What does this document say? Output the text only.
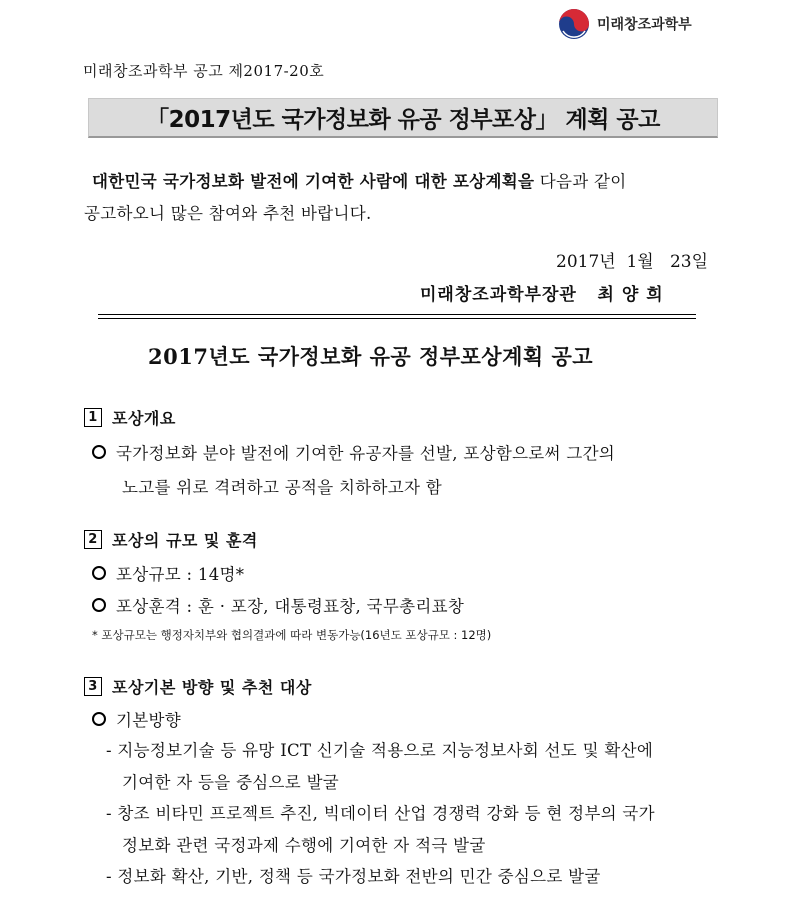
미래창조과학부
미래창조과학부 공고 제2017-20호
「2017년도 국가정보화 유공 정부포상」 계획 공고
대한민국 국가정보화 발전에 기여한 사람에 대한 포상계획을 다음과 같이
공고하오니 많은 참여와 추천 바랍니다.
2017년  1월   23일
미래창조과학부장관   최 양 희
2017년도 국가정보화 유공 정부포상계획 공고
1 포상개요
국가정보화 분야 발전에 기여한 유공자를 선발, 포상함으로써 그간의
노고를 위로 격려하고 공적을 치하하고자 함
2 포상의 규모 및 훈격
포상규모 : 14명*
포상훈격 : 훈 · 포장, 대통령표창, 국무총리표창
* 포상규모는 행정자치부와 협의결과에 따라 변동가능(16년도 포상규모 : 12명)
3 포상기본 방향 및 추천 대상
기본방향
- 지능정보기술 등 유망 ICT 신기술 적용으로 지능정보사회 선도 및 확산에
기여한 자 등을 중심으로 발굴
- 창조 비타민 프로젝트 추진, 빅데이터 산업 경쟁력 강화 등 현 정부의 국가
정보화 관련 국정과제 수행에 기여한 자 적극 발굴
- 정보화 확산, 기반, 정책 등 국가정보화 전반의 민간 중심으로 발굴
